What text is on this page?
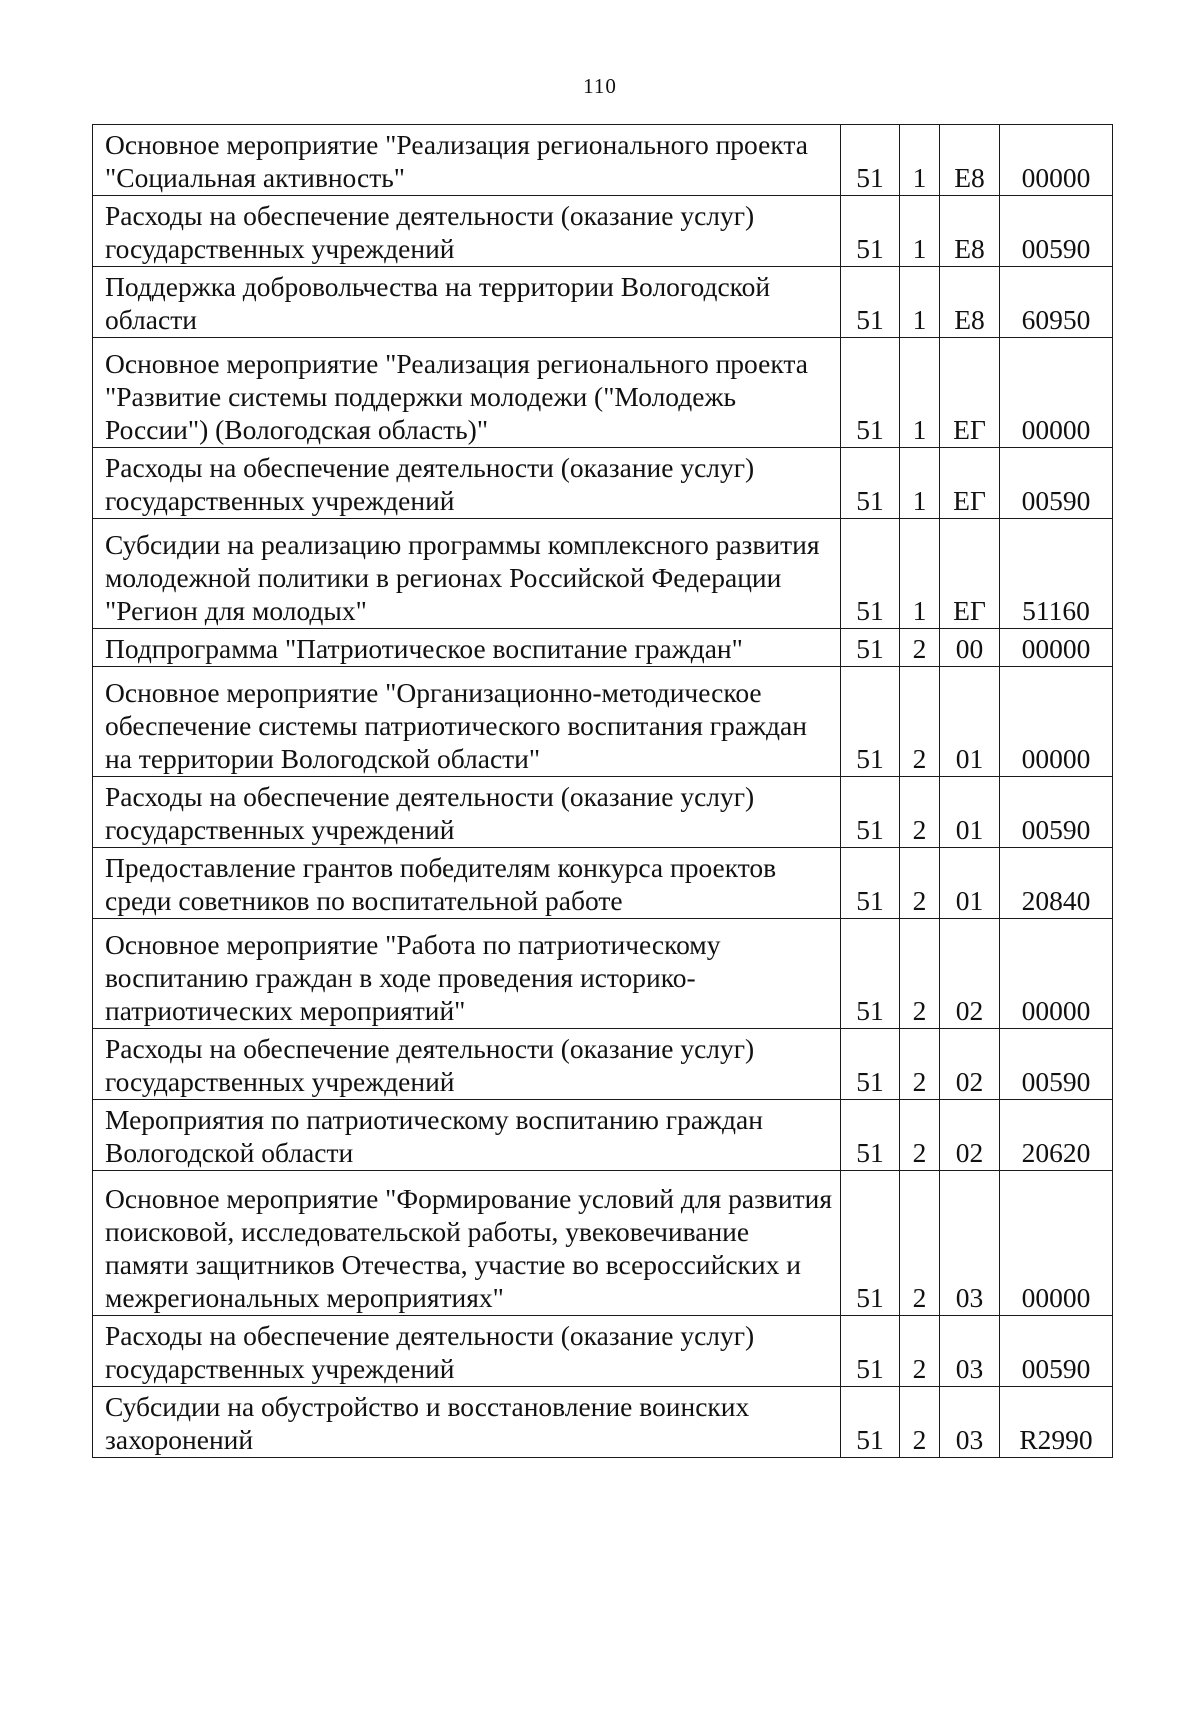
110
Основное мероприятие "Реализация регионального проекта "Социальная активность"	51	1	Е8	00000
Расходы на обеспечение деятельности (оказание услуг) государственных учреждений	51	1	Е8	00590
Поддержка добровольчества на территории Вологодской области	51	1	Е8	60950
Основное мероприятие "Реализация регионального проекта "Развитие системы поддержки молодежи ("Молодежь России") (Вологодская область)"	51	1	ЕГ	00000
Расходы на обеспечение деятельности (оказание услуг) государственных учреждений	51	1	ЕГ	00590
Субсидии на реализацию программы комплексного развития молодежной политики в регионах Российской Федерации "Регион для молодых"	51	1	ЕГ	51160
Подпрограмма "Патриотическое воспитание граждан"	51	2	00	00000
Основное мероприятие "Организационно-методическое обеспечение системы патриотического воспитания граждан на территории Вологодской области"	51	2	01	00000
Расходы на обеспечение деятельности (оказание услуг) государственных учреждений	51	2	01	00590
Предоставление грантов победителям конкурса проектов среди советников по воспитательной работе	51	2	01	20840
Основное мероприятие "Работа по патриотическому воспитанию граждан в ходе проведения историко-патриотических мероприятий"	51	2	02	00000
Расходы на обеспечение деятельности (оказание услуг) государственных учреждений	51	2	02	00590
Мероприятия по патриотическому воспитанию граждан Вологодской области	51	2	02	20620
Основное мероприятие "Формирование условий для развития поисковой, исследовательской работы, увековечивание памяти защитников Отечества, участие во всероссийских и межрегиональных мероприятиях"	51	2	03	00000
Расходы на обеспечение деятельности (оказание услуг) государственных учреждений	51	2	03	00590
Субсидии на обустройство и восстановление воинских захоронений	51	2	03	R2990
